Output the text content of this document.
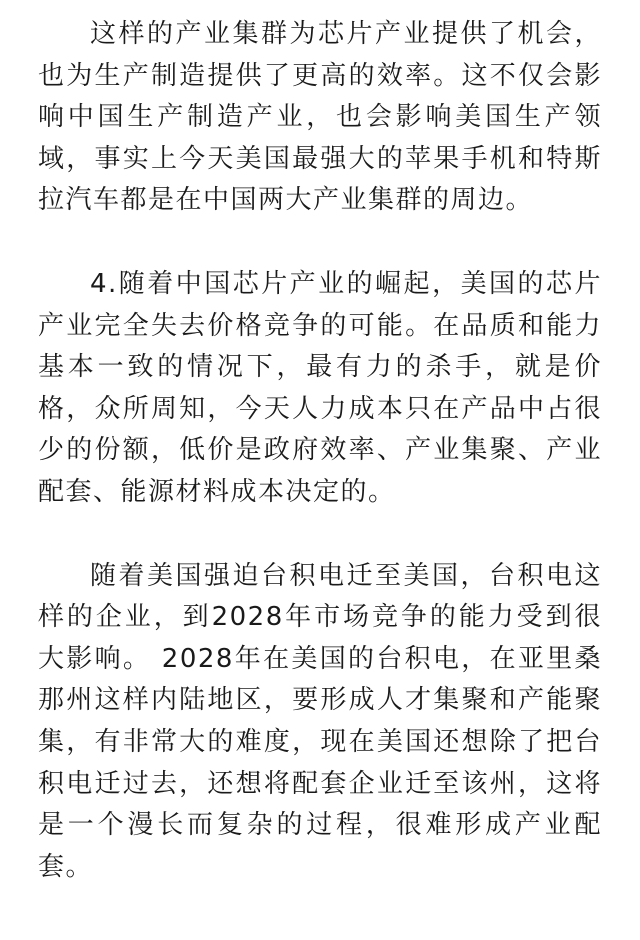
这样的产业集群为芯片产业提供了机会，也为生产制造提供了更高的效率。这不仅会影响中国生产制造产业，也会影响美国生产领域，事实上今天美国最强大的苹果手机和特斯拉汽车都是在中国两大产业集群的周边。

4.随着中国芯片产业的崛起，美国的芯片产业完全失去价格竞争的可能。在品质和能力基本一致的情况下，最有力的杀手，就是价格，众所周知，今天人力成本只在产品中占很少的份额，低价是政府效率、产业集聚、产业配套、能源材料成本决定的。

随着美国强迫台积电迁至美国，台积电这样的企业，到2028年市场竞争的能力受到很大影响。 2028年在美国的台积电，在亚里桑那州这样内陆地区，要形成人才集聚和产能聚集，有非常大的难度，现在美国还想除了把台积电迁过去，还想将配套企业迁至该州，这将是一个漫长而复杂的过程，很难形成产业配套。
